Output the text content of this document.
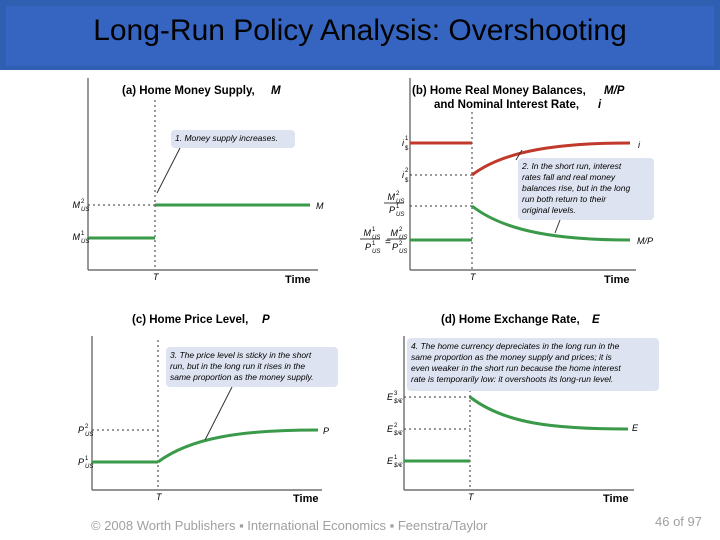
Long-Run Policy Analysis: Overshooting
(a) Home Money Supply, M
M
M 2
US
M 1
US
T	Time
1. Money supply increases.
(b) Home Real Money Balances, M/P
and Nominal Interest Rate, i
i
M/P
i 1
$
i 2
$
M 2
US
P 1
US
M 1
US
P 1
US
=
M 2
US
P 2
US
T	Time
2. In the short run, interest
rates fall and real money
balances rise, but in the long
run both return to their
original levels.
(c) Home Price Level, P
P
P 2
US
P 1
US
T	Time
3. The price level is sticky in the short
run, but in the long run it rises in the
same proportion as the money supply.
(d) Home Exchange Rate, E
E
E 3
$/€
E 2
$/€
E 1
$/€
T	Time
4. The home currency depreciates in the long run in the
same proportion as the money supply and prices; it is
even weaker in the short run because the home interest
rate is temporarily low: it overshoots its long-run level.
© 2008 Worth Publishers ▪ International Economics ▪ Feenstra/Taylor	46 of 97
